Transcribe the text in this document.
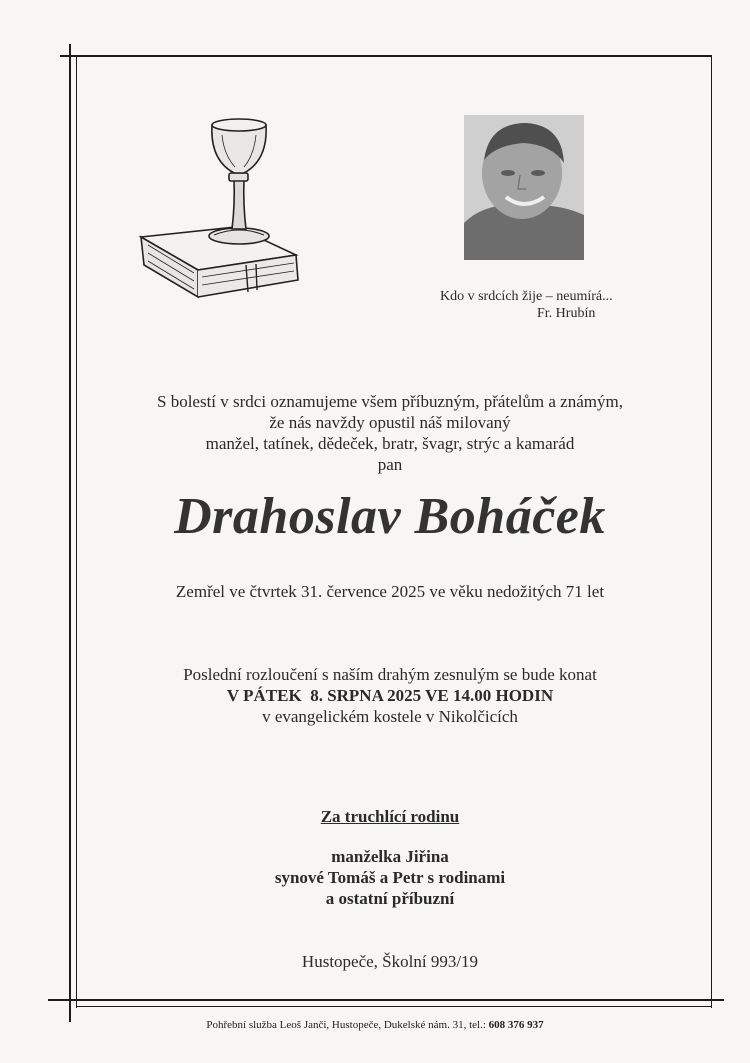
Kdo v srdcích žije – neumírá...
Fr. Hrubín
S bolestí v srdci oznamujeme všem příbuzným, přátelům a známým,
že nás navždy opustil náš milovaný
manžel, tatínek, dědeček, bratr, švagr, strýc a kamarád
pan
Drahoslav Boháček
Zemřel ve čtvrtek 31. července 2025 ve věku nedožitých 71 let
Poslední rozloučení s naším drahým zesnulým se bude konat
V PÁTEK  8. SRPNA 2025 VE 14.00 HODIN
v evangelickém kostele v Nikolčicích
Za truchlící rodinu
manželka Jiřina
synové Tomáš a Petr s rodinami
a ostatní příbuzní
Hustopeče, Školní 993/19
Pohřební služba Leoš Janči, Hustopeče, Dukelské nám. 31, tel.: 608 376 937
